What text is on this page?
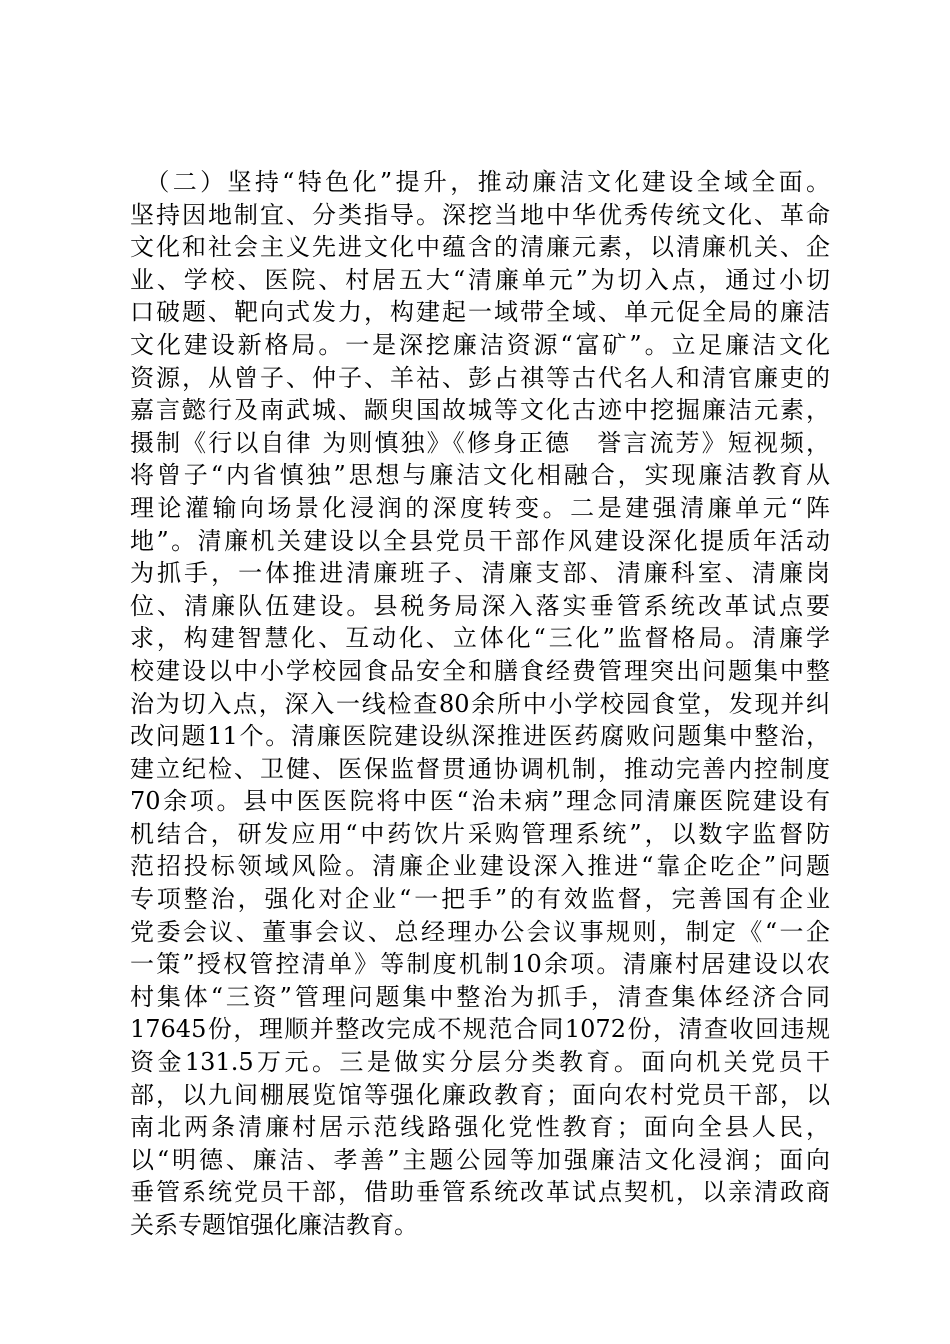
　（二）坚持“特色化”提升，推动廉洁文化建设全域全面。
坚持因地制宜、分类指导。深挖当地中华优秀传统文化、革命
文化和社会主义先进文化中蕴含的清廉元素，以清廉机关、企
业、学校、医院、村居五大“清廉单元”为切入点，通过小切
口破题、靶向式发力，构建起一域带全域、单元促全局的廉洁
文化建设新格局。一是深挖廉洁资源“富矿”。立足廉洁文化
资源，从曾子、仲子、羊祜、彭占祺等古代名人和清官廉吏的
嘉言懿行及南武城、颛臾国故城等文化古迹中挖掘廉洁元素，
摄制《行以自律 为则慎独》《修身正德　誉言流芳》短视频，
将曾子“内省慎独”思想与廉洁文化相融合，实现廉洁教育从
理论灌输向场景化浸润的深度转变。二是建强清廉单元“阵
地”。清廉机关建设以全县党员干部作风建设深化提质年活动
为抓手，一体推进清廉班子、清廉支部、清廉科室、清廉岗
位、清廉队伍建设。县税务局深入落实垂管系统改革试点要
求，构建智慧化、互动化、立体化“三化”监督格局。清廉学
校建设以中小学校园食品安全和膳食经费管理突出问题集中整
治为切入点，深入一线检查80余所中小学校园食堂，发现并纠
改问题11个。清廉医院建设纵深推进医药腐败问题集中整治，
建立纪检、卫健、医保监督贯通协调机制，推动完善内控制度
70余项。县中医医院将中医“治未病”理念同清廉医院建设有
机结合，研发应用“中药饮片采购管理系统”，以数字监督防
范招投标领域风险。清廉企业建设深入推进“靠企吃企”问题
专项整治，强化对企业“一把手”的有效监督，完善国有企业
党委会议、董事会议、总经理办公会议事规则，制定《“一企
一策”授权管控清单》等制度机制10余项。清廉村居建设以农
村集体“三资”管理问题集中整治为抓手，清查集体经济合同
17645份，理顺并整改完成不规范合同1072份，清查收回违规
资金131.5万元。三是做实分层分类教育。面向机关党员干
部，以九间棚展览馆等强化廉政教育；面向农村党员干部，以
南北两条清廉村居示范线路强化党性教育；面向全县人民，
以“明德、廉洁、孝善”主题公园等加强廉洁文化浸润；面向
垂管系统党员干部，借助垂管系统改革试点契机，以亲清政商
关系专题馆强化廉洁教育。
